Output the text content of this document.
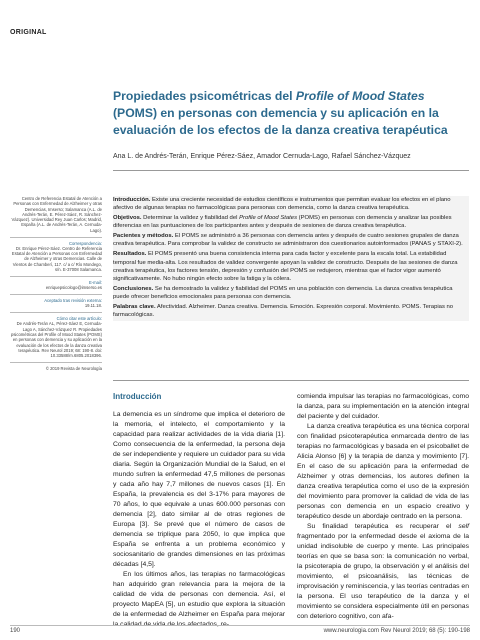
ORIGINAL
Propiedades psicométricas del Profile of Mood States (POMS) en personas con demencia y su aplicación en la evaluación de los efectos de la danza creativa terapéutica
Ana L. de Andrés-Terán, Enrique Pérez-Sáez, Amador Cernuda-Lago, Rafael Sánchez-Vázquez

Centro de Referencia Estatal de Atención a Personas con Enfermedad de Alzheimer y otras Demencias, Imserso; Salamanca (A.L. de Andrés-Terán, E. Pérez-Sáez, R. Sánchez-Vázquez). Universidad Rey Juan Carlos; Madrid, España (A.L. de Andrés-Terán, A. Cernuda-Lago).

Correspondencia:

Dr. Enrique Pérez-Sáez. Centro de Referencia Estatal de Atención a Personas con Enfermedad de Alzheimer y otras Demencias. Calle de Vientos de Chamberí, 117. c/ a c/ Río Mondego, s/n. E-37008 Salamanca.

E-mail:

enriquepsicologo@imserso.es

Aceptado tras revisión externa:

19.11.18.

Cómo citar este artículo:

De Andrés-Terán AL, Pérez-Sáez E, Cernuda-Lago A, Sánchez-Vázquez R. Propiedades psicométricas del Profile of Mood States (POMS) en personas con demencia y su aplicación en la evaluación de los efectos de la danza creativa terapéutica. Rev Neurol 2019; 68: 190-8. doi: 10.33588/rn.6805.2018396.

© 2019 Revista de Neurología

Introducción. Existe una creciente necesidad de estudios científicos e instrumentos que permitan evaluar los efectos en el plano afectivo de algunas terapias no farmacológicas para personas con demencia, como la danza creativa terapéutica.

Objetivos. Determinar la validez y fiabilidad del Profile of Mood States (POMS) en personas con demencia y analizar las posibles diferencias en las puntuaciones de los participantes antes y después de sesiones de danza creativa terapéutica.

Pacientes y métodos. El POMS se administró a 36 personas con demencia antes y después de cuatro sesiones grupales de danza creativa terapéutica. Para comprobar la validez de constructo se administraron dos cuestionarios autoinformados (PANAS y STAXI-2).

Resultados. El POMS presentó una buena consistencia interna para cada factor y excelente para la escala total. La estabilidad temporal fue media-alta. Los resultados de validez convergente apoyan la validez de constructo. Después de las sesiones de danza creativa terapéutica, los factores tensión, depresión y confusión del POMS se redujeron, mientras que el factor vigor aumentó significativamente. No hubo ningún efecto sobre la fatiga y la cólera.

Conclusiones. Se ha demostrado la validez y fiabilidad del POMS en una población con demencia. La danza creativa terapéutica puede ofrecer beneficios emocionales para personas con demencia.

Palabras clave. Afectividad. Alzheimer. Danza creativa. Demencia. Emoción. Expresión corporal. Movimiento. POMS. Terapias no farmacológicas.

Introducción

La demencia es un síndrome que implica el deterioro de la memoria, el intelecto, el comportamiento y la capacidad para realizar actividades de la vida diaria [1]. Como consecuencia de la enfermedad, la persona deja de ser independiente y requiere un cuidador para su vida diaria. Según la Organización Mundial de la Salud, en el mundo sufren la enfermedad 47,5 millones de personas y cada año hay 7,7 millones de nuevos casos [1]. En España, la prevalencia es del 3-17% para mayores de 70 años, lo que equivale a unas 600.000 personas con demencia [2], dato similar al de otras regiones de Europa [3]. Se prevé que el número de casos de demencia se triplique para 2050, lo que implica que España se enfrenta a un problema económico y sociosanitario de grandes dimensiones en las próximas décadas [4,5].

En los últimos años, las terapias no farmacológicas han adquirido gran relevancia para la mejora de la calidad de vida de personas con demencia. Así, el proyecto MapEA [5], un estudio que explora la situación de la enfermedad de Alzheimer en España para mejorar la calidad de vida de los afectados, re-

comienda impulsar las terapias no farmacológicas, como la danza, para su implementación en la atención integral del paciente y del cuidador.

La danza creativa terapéutica es una técnica corporal con finalidad psicoterapéutica enmarcada dentro de las terapias no farmacológicas y basada en el psicoballet de Alicia Alonso [6] y la terapia de danza y movimiento [7]. En el caso de su aplicación para la enfermedad de Alzheimer y otras demencias, los autores definen la danza creativa terapéutica como el uso de la expresión del movimiento para promover la calidad de vida de las personas con demencia en un espacio creativo y terapéutico desde un abordaje centrado en la persona.

Su finalidad terapéutica es recuperar el self fragmentado por la enfermedad desde el axioma de la unidad indisoluble de cuerpo y mente. Las principales teorías en que se basa son: la comunicación no verbal, la psicoterapia de grupo, la observación y el análisis del movimiento, el psicoanálisis, las técnicas de improvisación y reminiscencia, y las teorías centradas en la persona. El uso terapéutico de la danza y el movimiento se considera especialmente útil en personas con deterioro cognitivo, con afa-

190	www.neurologia.com Rev Neurol 2019; 68 (5): 190-198
